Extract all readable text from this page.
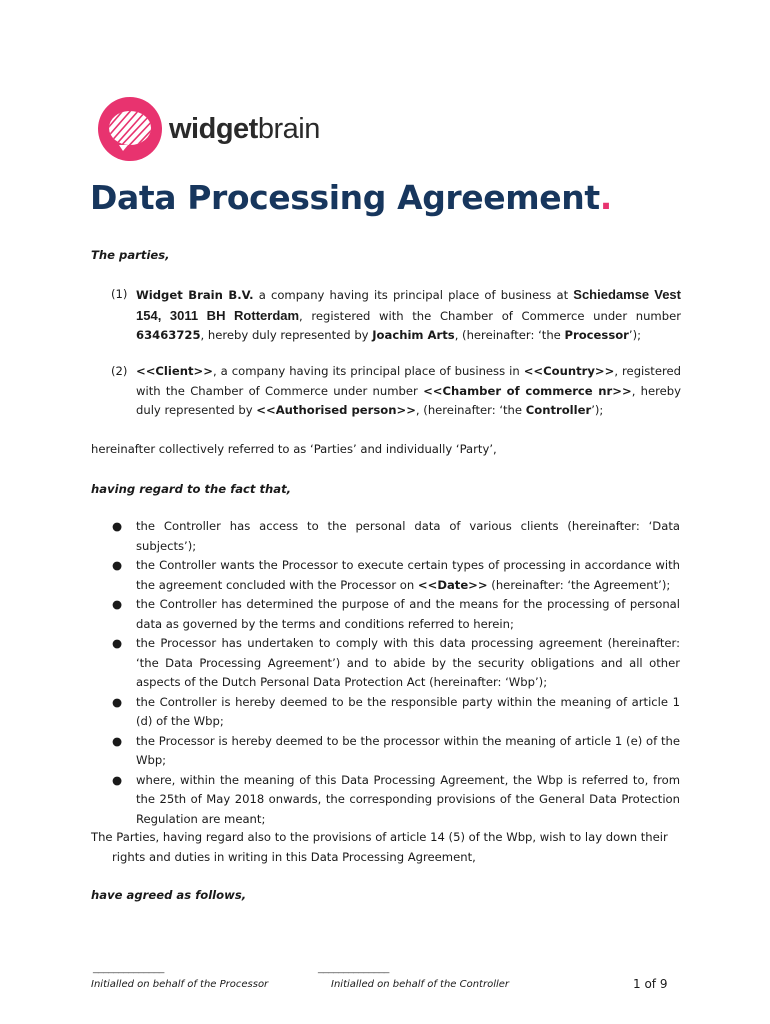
widgetbrain
Data Processing Agreement.
The parties,
(1) Widget Brain B.V. a company having its principal place of business at Schiedamse Vest 154, 3011 BH Rotterdam, registered with the Chamber of Commerce under number 63463725, hereby duly represented by Joachim Arts, (hereinafter: ‘the Processor’);
(2) <<Client>>, a company having its principal place of business in <<Country>>, registered with the Chamber of Commerce under number <<Chamber of commerce nr>>, hereby duly represented by <<Authorised person>>, (hereinafter: ‘the Controller’);
hereinafter collectively referred to as ‘Parties’ and individually ‘Party’,
having regard to the fact that,
● the Controller has access to the personal data of various clients (hereinafter: ‘Data subjects’);
● the Controller wants the Processor to execute certain types of processing in accordance with the agreement concluded with the Processor on <<Date>> (hereinafter: ‘the Agreement’);
● the Controller has determined the purpose of and the means for the processing of personal data as governed by the terms and conditions referred to herein;
● the Processor has undertaken to comply with this data processing agreement (hereinafter: ‘the Data Processing Agreement’) and to abide by the security obligations and all other aspects of the Dutch Personal Data Protection Act (hereinafter: ‘Wbp’);
● the Controller is hereby deemed to be the responsible party within the meaning of article 1 (d) of the Wbp;
● the Processor is hereby deemed to be the processor within the meaning of article 1 (e) of the Wbp;
● where, within the meaning of this Data Processing Agreement, the Wbp is referred to, from the 25th of May 2018 onwards, the corresponding provisions of the General Data Protection Regulation are meant;
The Parties, having regard also to the provisions of article 14 (5) of the Wbp, wish to lay down their
rights and duties in writing in this Data Processing Agreement,
have agreed as follows,
______________	______________
Initialled on behalf of the Processor	Initialled on behalf of the Controller	1 of 9
